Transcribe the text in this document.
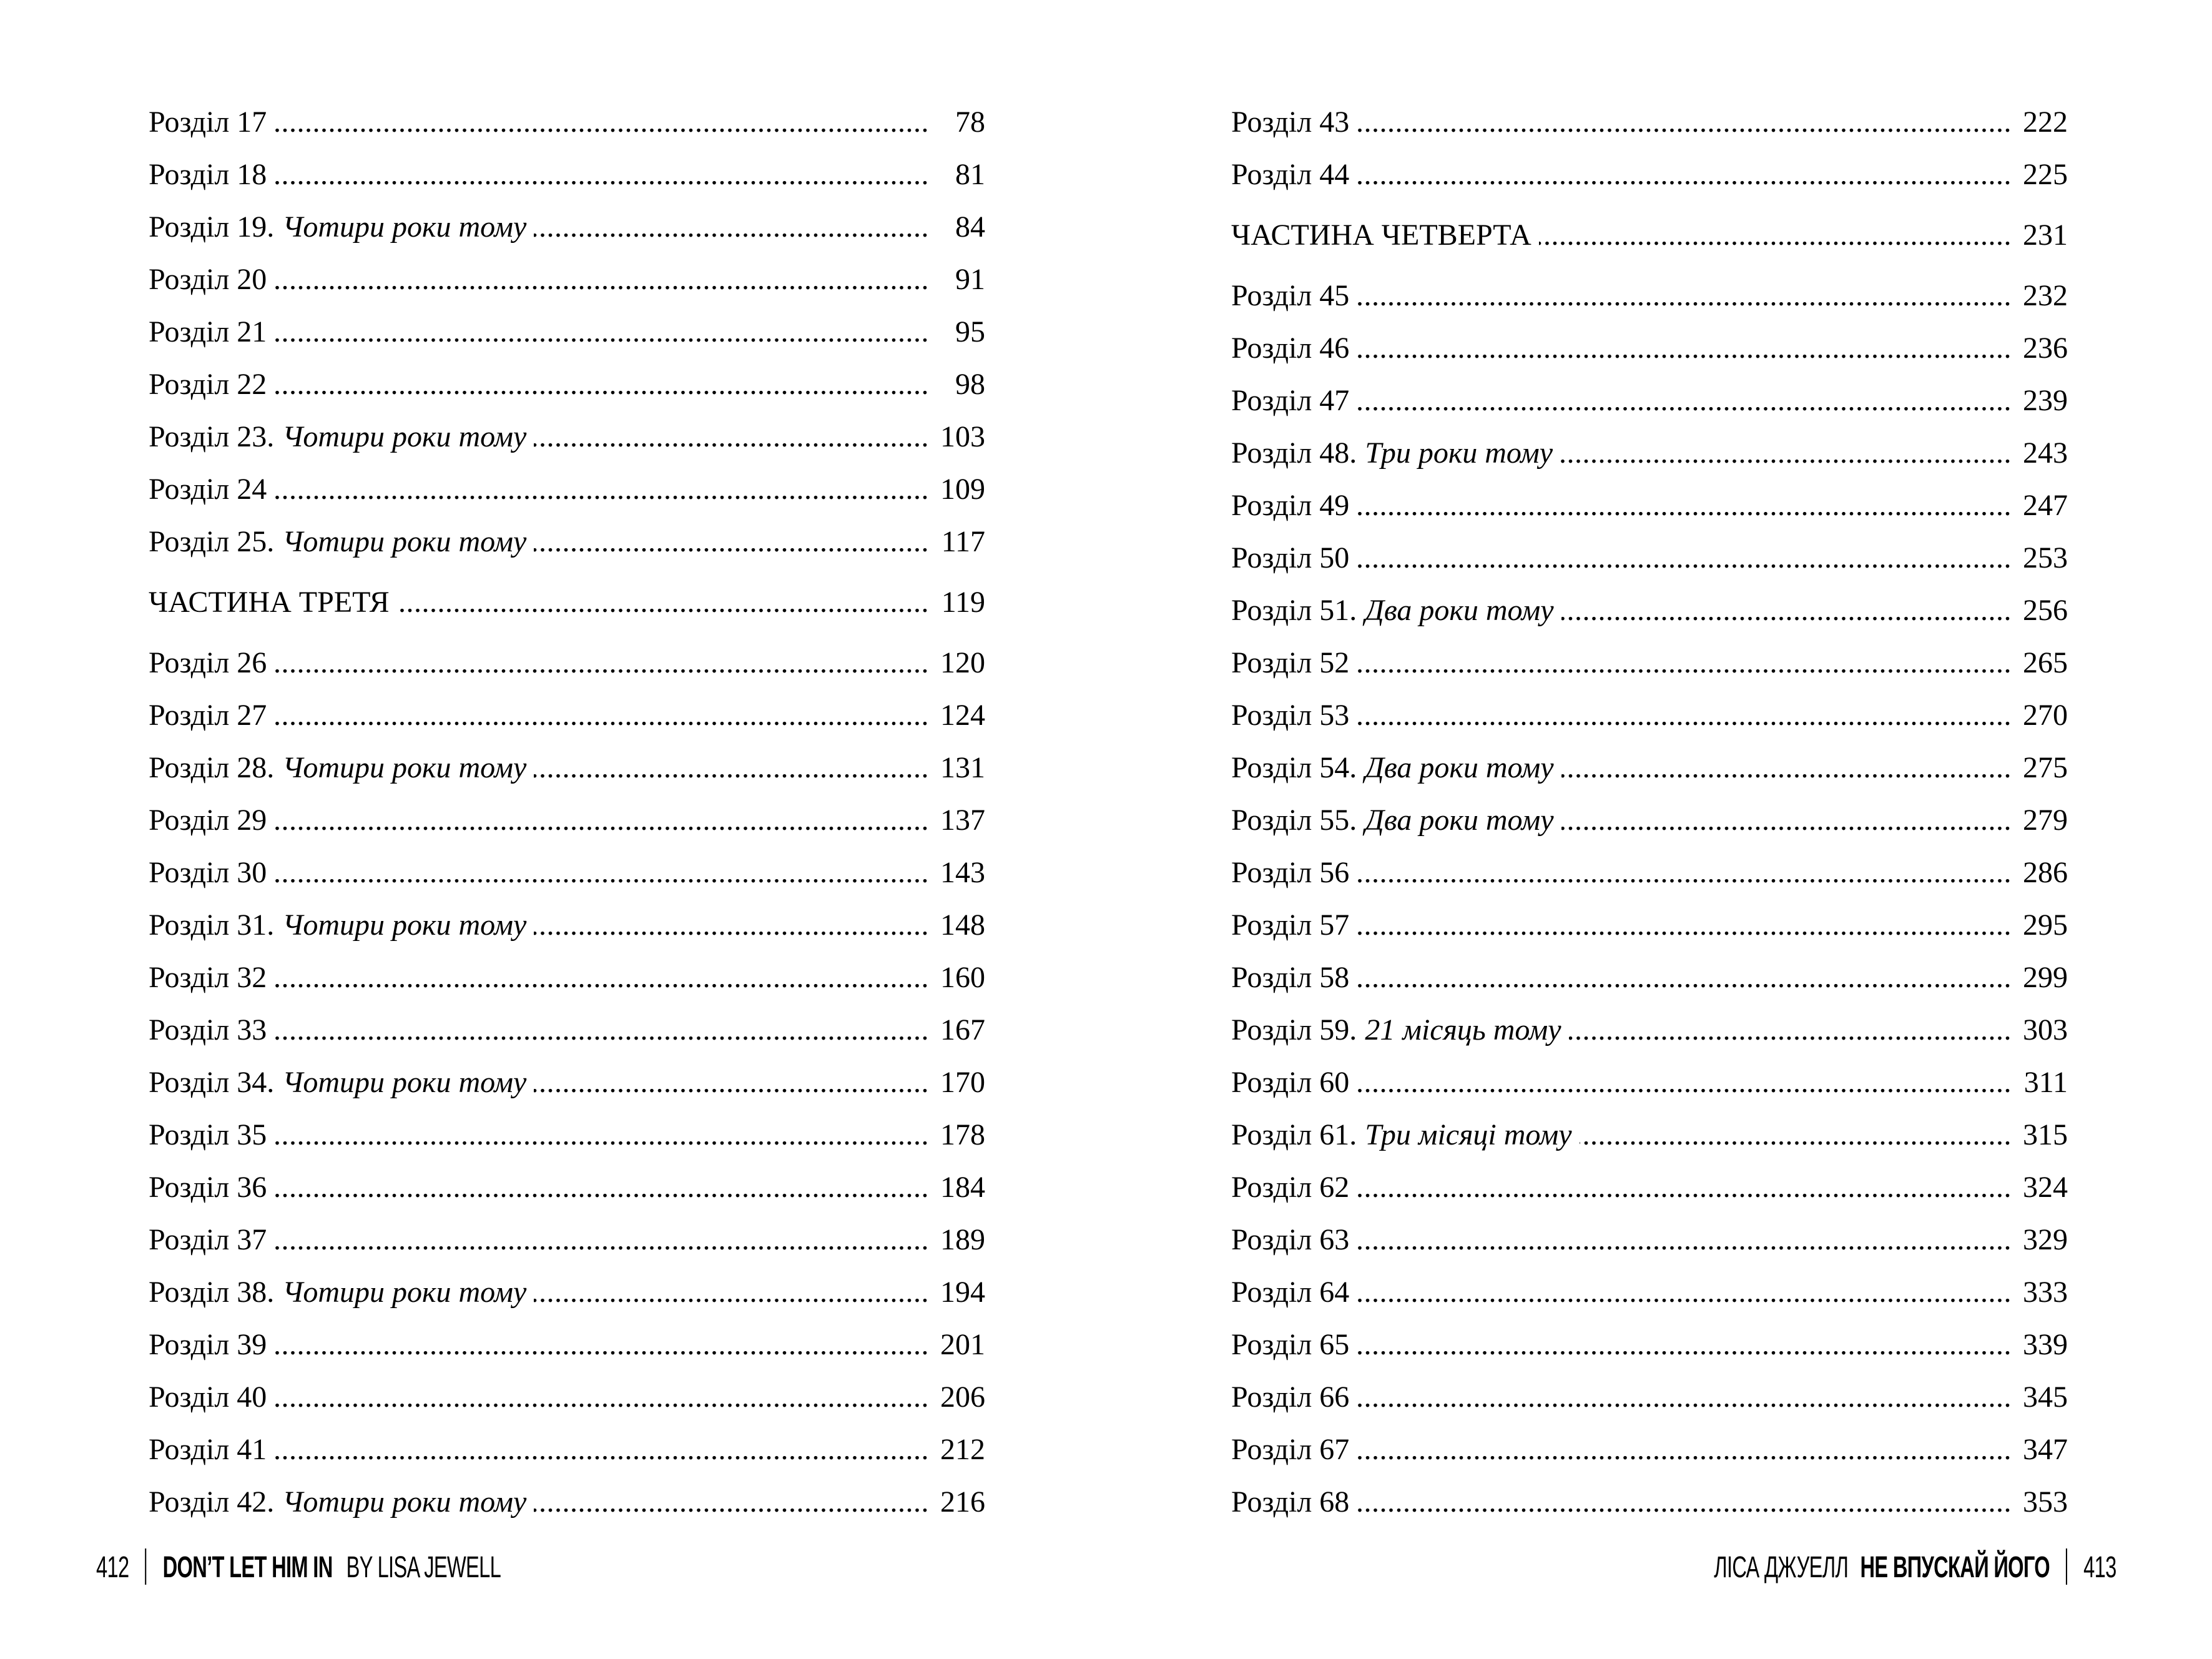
Розділ 17 .....	78
Розділ 18 .....	81
Розділ 19. Чотири роки тому .....	84
Розділ 20 .....	91
Розділ 21 .....	95
Розділ 22 .....	98
Розділ 23. Чотири роки тому .....	103
Розділ 24 .....	109
Розділ 25. Чотири роки тому .....	117
ЧАСТИНА ТРЕТЯ .....	119
Розділ 26 .....	120
Розділ 27 .....	124
Розділ 28. Чотири роки тому .....	131
Розділ 29 .....	137
Розділ 30 .....	143
Розділ 31. Чотири роки тому .....	148
Розділ 32 .....	160
Розділ 33 .....	167
Розділ 34. Чотири роки тому .....	170
Розділ 35 .....	178
Розділ 36 .....	184
Розділ 37 .....	189
Розділ 38. Чотири роки тому .....	194
Розділ 39 .....	201
Розділ 40 .....	206
Розділ 41 .....	212
Розділ 42. Чотири роки тому .....	216
Розділ 43 .....	222
Розділ 44 .....	225
ЧАСТИНА ЧЕТВЕРТА .....	231
Розділ 45 .....	232
Розділ 46 .....	236
Розділ 47 .....	239
Розділ 48. Три роки тому .....	243
Розділ 49 .....	247
Розділ 50 .....	253
Розділ 51. Два роки тому .....	256
Розділ 52 .....	265
Розділ 53 .....	270
Розділ 54. Два роки тому .....	275
Розділ 55. Два роки тому .....	279
Розділ 56 .....	286
Розділ 57 .....	295
Розділ 58 .....	299
Розділ 59. 21 місяць тому .....	303
Розділ 60 .....	311
Розділ 61. Три місяці тому .....	315
Розділ 62 .....	324
Розділ 63 .....	329
Розділ 64 .....	333
Розділ 65 .....	339
Розділ 66 .....	345
Розділ 67 .....	347
Розділ 68 .....	353
412 DON’T LET HIM IN BY LISA JEWELL	ЛІСА ДЖУЕЛЛ НЕ ВПУСКАЙ ЙОГО 413
